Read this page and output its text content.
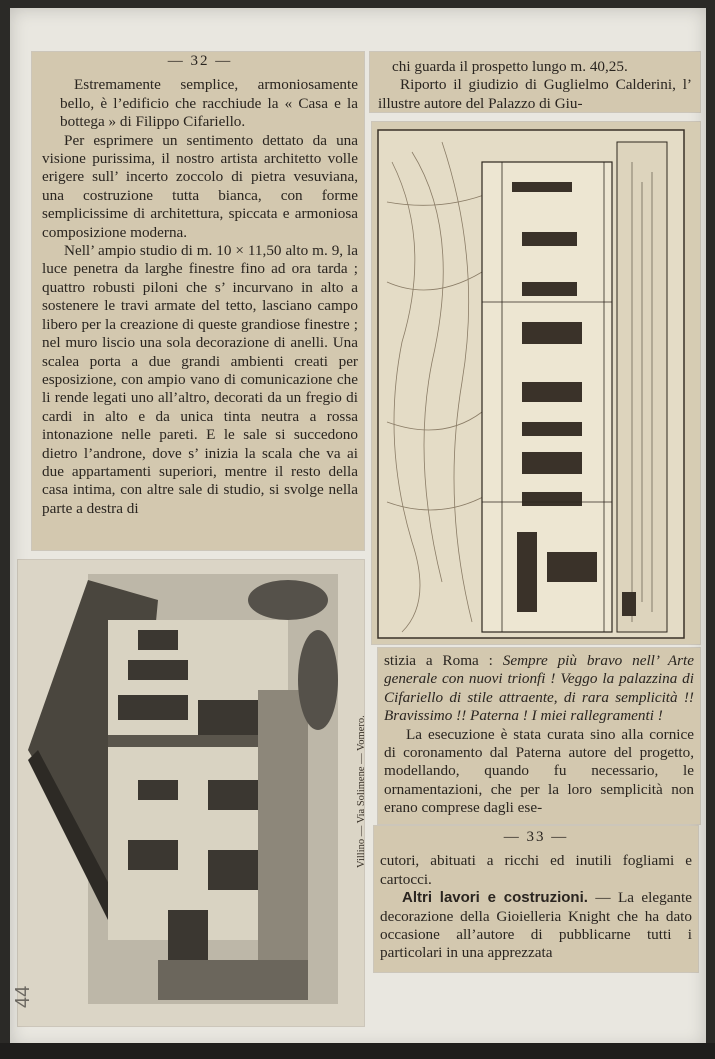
— 32 —

Estremamente semplice, armoniosamente bello, è l’edificio che racchiude la « Casa e la bottega » di Filippo Cifariello.

Per esprimere un sentimento dettato da una visione purissima, il nostro artista architetto volle erigere sull’ incerto zoccolo di pietra vesuviana, una costruzione tutta bianca, con forme semplicissime di architettura, spiccata e armoniosa composizione moderna.

Nell’ ampio studio di m. 10 × 11,50 alto m. 9, la luce penetra da larghe finestre fino ad ora tarda ; quattro robusti piloni che s’ incurvano in alto a sostenere le travi armate del tetto, lasciano campo libero per la creazione di queste grandiose finestre ; nel muro liscio una sola decorazione di anelli. Una scalea porta a due grandi ambienti creati per esposizione, con ampio vano di comunicazione che li rende legati uno all’altro, decorati da un fregio di cardi in alto e da unica tinta neutra a rossa intonazione nelle pareti. E le sale si succedono dietro l’androne, dove s’ inizia la scala che va ai due appartamenti superiori, mentre il resto della casa intima, con altre sale di studio, si svolge nella parte a destra di

chi guarda il prospetto lungo m. 40,25.

Riporto il giudizio di Guglielmo Calderini, l’ illustre autore del Palazzo di Giu-

Villino — Via Solimene — Vomero.

stizia a Roma : Sempre più bravo nell’ Arte generale con nuovi trionfi ! Veggo la palazzina di Cifariello di stile attraente, di rara semplicità !! Bravissimo !! Paterna ! I miei rallegramenti !

La esecuzione è stata curata sino alla cornice di coronamento dal Paterna autore del progetto, modellando, quando fu necessario, le ornamentazioni, che per la loro semplicità non erano comprese dagli ese-

— 33 —

cutori, abituati a ricchi ed inutili fogliami e cartocci.

Altri lavori e costruzioni. — La elegante decorazione della Gioielleria Knight che ha dato occasione all’autore di pubblicarne tutti i particolari in una apprezzata

44
